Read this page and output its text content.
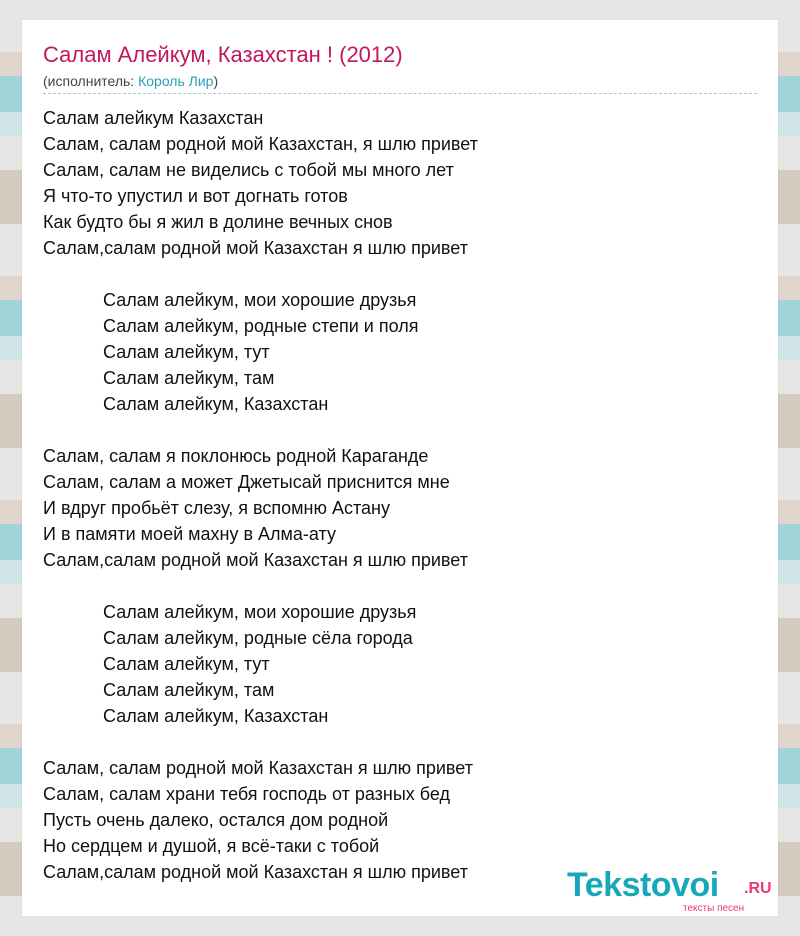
Салам Алейкум, Казахстан ! (2012)
(исполнитель: Король Лир)
Салам алейкум Казахстан
Салам, салам родной мой Казахстан, я шлю привет
Салам, салам не виделись с тобой мы много лет
Я что-то упустил и вот догнать готов
Как будто бы я жил в долине вечных снов
Салам,салам родной мой Казахстан я шлю привет
Салам алейкум, мои хорошие друзья
Салам алейкум, родные степи и поля
Салам алейкум, тут
Салам алейкум, там
Салам алейкум, Казахстан
Салам, салам я поклонюсь родной Караганде
Салам, салам а может Джетысай приснится мне
И вдруг пробьёт слезу, я вспомню Астану
И в памяти моей махну в Алма-ату
Салам,салам родной мой Казахстан я шлю привет
Салам алейкум, мои хорошие друзья
Салам алейкум, родные сёла города
Салам алейкум, тут
Салам алейкум, там
Салам алейкум, Казахстан
Салам, салам родной мой Казахстан я шлю привет
Салам, салам храни тебя господь от разных бед
Пусть очень далеко, остался дом родной
Но сердцем и душой, я всё-таки с тобой
Салам,салам родной мой Казахстан я шлю привет	Tekstovoi .RU
тексты песен
